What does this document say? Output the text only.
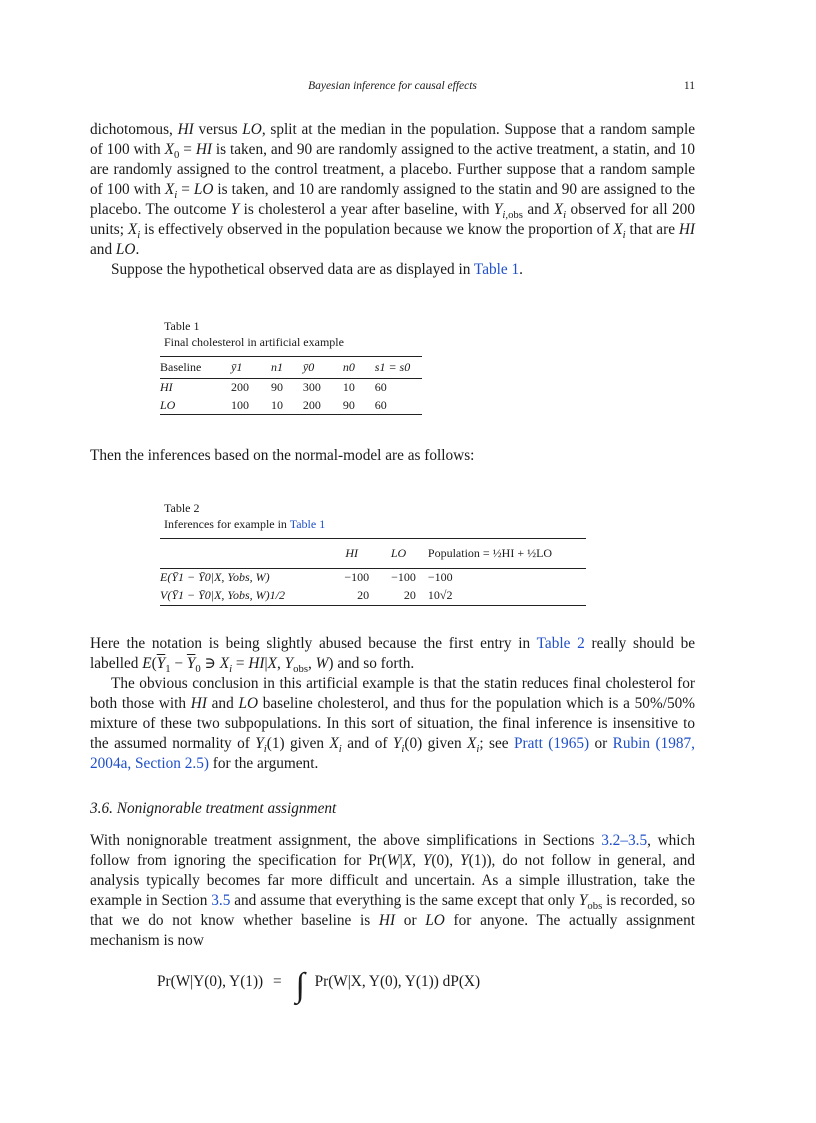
Bayesian inference for causal effects	11

dichotomous, HI versus LO, split at the median in the population. Suppose that a random sample of 100 with $X_0$ = HI is taken, and 90 are randomly assigned to the active treatment, a statin, and 10 are randomly assigned to the control treatment, a placebo. Further suppose that a random sample of 100 with $X_i$ = LO is taken, and 10 are randomly assigned to the statin and 90 are assigned to the placebo. The outcome Y is cholesterol a year after baseline, with $Y_{i,obs}$ and $X_i$ observed for all 200 units; $X_i$ is effectively observed in the population because we know the proportion of $X_i$ that are HI and LO.

Suppose the hypothetical observed data are as displayed in Table 1.

Table 1
Final cholesterol in artificial example
Baseline	ȳ1	n1	ȳ0	n0	s1 = s0
HI	200	90	300	10	60
LO	100	10	200	90	60

Then the inferences based on the normal-model are as follows:

Table 2
Inferences for example in Table 1
	HI	LO	Population = ½HI + ½LO
E(Ȳ1 − Ȳ0|X, Yobs, W)	−100	−100	−100
V(Ȳ1 − Ȳ0|X, Yobs, W)1/2	20	20	10√2

Here the notation is being slightly abused because the first entry in Table 2 really should be labelled $E(\overline{Y}_1 - \overline{Y}_0$ ∋ $X_i = HI|X$, $Y_{obs}$, W) and so forth.

The obvious conclusion in this artificial example is that the statin reduces final cholesterol for both those with HI and LO baseline cholesterol, and thus for the population which is a 50%/50% mixture of these two subpopulations. In this sort of situation, the final inference is insensitive to the assumed normality of $Y_i(1)$ given $X_i$ and of $Y_i(0)$ given $X_i$; see Pratt (1965) or Rubin (1987, 2004a, Section 2.5) for the argument.

3.6. Nonignorable treatment assignment

With nonignorable treatment assignment, the above simplifications in Sections 3.2–3.5, which follow from ignoring the specification for Pr(W|X, Y(0), Y(1)), do not follow in general, and analysis typically becomes far more difficult and uncertain. As a simple illustration, take the example in Section 3.5 and assume that everything is the same except that only $Y_{obs}$ is recorded, so that we do not know whether baseline is HI or LO for anyone. The actually assignment mechanism is now

Pr(W|Y(0), Y(1)) = ∫ Pr(W|X, Y(0), Y(1)) dP(X)
